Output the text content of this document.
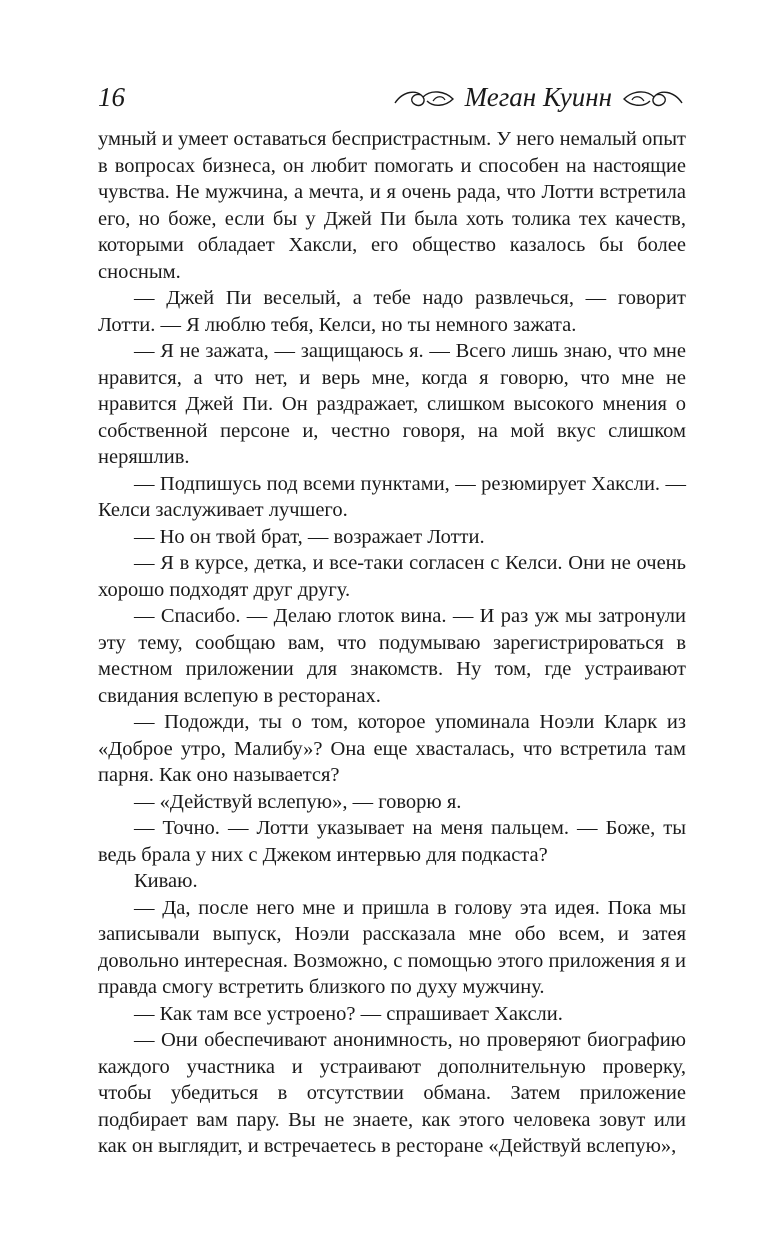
16	Меган Куинн

умный и умеет оставаться беспристрастным. У него немалый опыт в вопросах бизнеса, он любит помогать и способен на настоящие чувства. Не мужчина, а мечта, и я очень рада, что Лотти встретила его, но боже, если бы у Джей Пи была хоть толика тех качеств, которыми обладает Хаксли, его общество казалось бы более сносным.

— Джей Пи веселый, а тебе надо развлечься, — говорит Лотти. — Я люблю тебя, Келси, но ты немного зажата.

— Я не зажата, — защищаюсь я. — Всего лишь знаю, что мне нравится, а что нет, и верь мне, когда я говорю, что мне не нравится Джей Пи. Он раздражает, слишком высокого мнения о собственной персоне и, честно говоря, на мой вкус слишком неряшлив.

— Подпишусь под всеми пунктами, — резюмирует Хаксли. — Келси заслуживает лучшего.

— Но он твой брат, — возражает Лотти.

— Я в курсе, детка, и все-таки согласен с Келси. Они не очень хорошо подходят друг другу.

— Спасибо. — Делаю глоток вина. — И раз уж мы затронули эту тему, сообщаю вам, что подумываю зарегистрироваться в местном приложении для знакомств. Ну том, где устраивают свидания вслепую в ресторанах.

— Подожди, ты о том, которое упоминала Ноэли Кларк из «Доброе утро, Малибу»? Она еще хвасталась, что встретила там парня. Как оно называется?

— «Действуй вслепую», — говорю я.

— Точно. — Лотти указывает на меня пальцем. — Боже, ты ведь брала у них с Джеком интервью для подкаста?

Киваю.

— Да, после него мне и пришла в голову эта идея. Пока мы записывали выпуск, Ноэли рассказала мне обо всем, и затея довольно интересная. Возможно, с помощью этого приложения я и правда смогу встретить близкого по духу мужчину.

— Как там все устроено? — спрашивает Хаксли.

— Они обеспечивают анонимность, но проверяют биографию каждого участника и устраивают дополнительную проверку, чтобы убедиться в отсутствии обмана. Затем приложение подбирает вам пару. Вы не знаете, как этого человека зовут или как он выглядит, и встречаетесь в ресторане «Действуй вслепую»,
